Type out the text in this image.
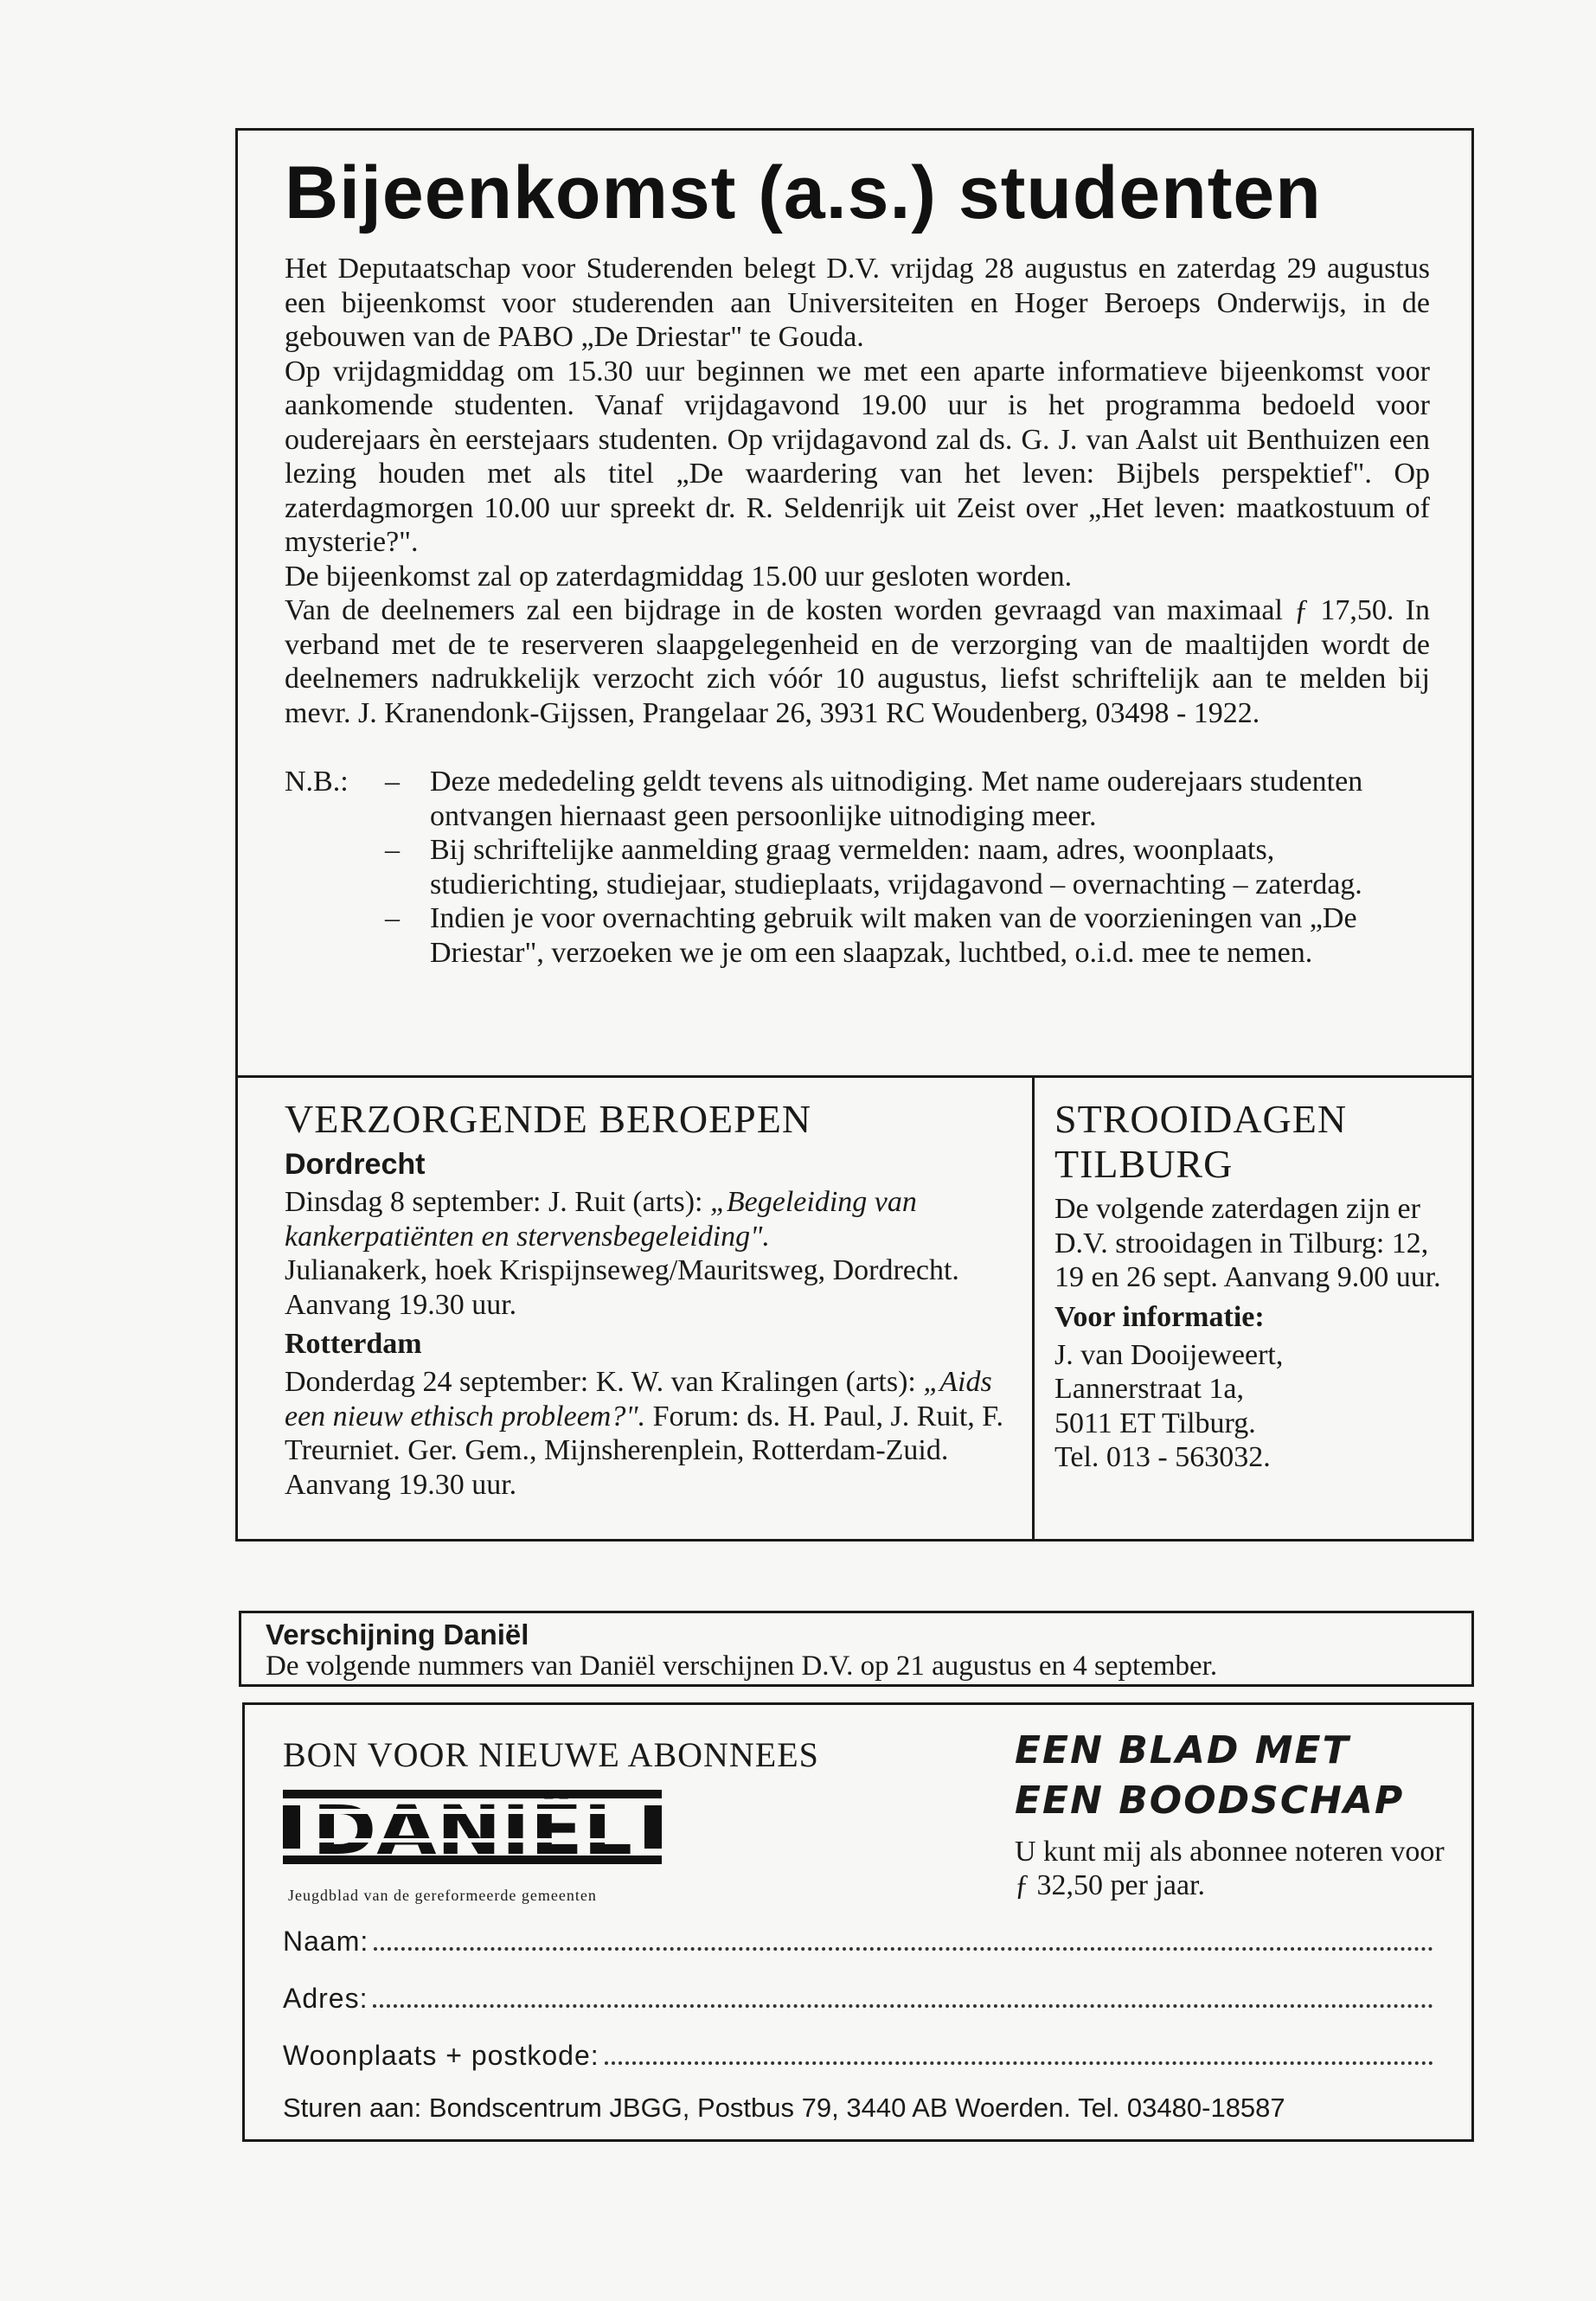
Bijeenkomst (a.s.) studenten

Het Deputaatschap voor Studerenden belegt D.V. vrijdag 28 augustus en zaterdag 29 augustus een bijeenkomst voor studerenden aan Universiteiten en Hoger Beroeps Onderwijs, in de gebouwen van de PABO „De Driestar" te Gouda.

Op vrijdagmiddag om 15.30 uur beginnen we met een aparte informatieve bijeenkomst voor aankomende studenten. Vanaf vrijdagavond 19.00 uur is het programma bedoeld voor ouderejaars èn eerstejaars studenten. Op vrijdagavond zal ds. G. J. van Aalst uit Benthuizen een lezing houden met als titel „De waardering van het leven: Bijbels perspektief". Op zaterdagmorgen 10.00 uur spreekt dr. R. Seldenrijk uit Zeist over „Het leven: maatkostuum of mysterie?".

De bijeenkomst zal op zaterdagmiddag 15.00 uur gesloten worden.

Van de deelnemers zal een bijdrage in de kosten worden gevraagd van maximaal ƒ 17,50. In verband met de te reserveren slaapgelegenheid en de verzorging van de maaltijden wordt de deelnemers nadrukkelijk verzocht zich vóór 10 augustus, liefst schriftelijk aan te melden bij mevr. J. Kranendonk-Gijssen, Prangelaar 26, 3931 RC Woudenberg, 03498 - 1922.

N.B.:	–	Deze mededeling geldt tevens als uitnodiging. Met name ouderejaars studenten ontvangen hiernaast geen persoonlijke uitnodiging meer.
–	Bij schriftelijke aanmelding graag vermelden: naam, adres, woonplaats, studierichting, studiejaar, studieplaats, vrijdagavond – overnachting – zaterdag.
–	Indien je voor overnachting gebruik wilt maken van de voorzieningen van „De Driestar", verzoeken we je om een slaapzak, luchtbed, o.i.d. mee te nemen.
VERZORGENDE BEROEPEN
Dordrecht

Dinsdag 8 september: J. Ruit (arts): „Begeleiding van kankerpatiënten en stervensbegeleiding".

Julianakerk, hoek Krispijnseweg/Mauritsweg, Dordrecht. Aanvang 19.30 uur.

Rotterdam

Donderdag 24 september: K. W. van Kralingen (arts): „Aids een nieuw ethisch probleem?". Forum: ds. H. Paul, J. Ruit, F. Treurniet. Ger. Gem., Mijnsherenplein, Rotterdam-Zuid. Aanvang 19.30 uur.

STROOIDAGEN TILBURG

De volgende zaterdagen zijn er D.V. strooidagen in Tilburg: 12, 19 en 26 sept. Aanvang 9.00 uur.

Voor informatie:
J. van Dooijeweert,
Lannerstraat 1a,
5011 ET Tilburg.
Tel. 013 - 563032.

Verschijning Daniël

De volgende nummers van Daniël verschijnen D.V. op 21 augustus en 4 september.

BON VOOR NIEUWE ABONNEES
DANIËL
Jeugdblad van de gereformeerde gemeenten
EEN BLAD MET
EEN BOODSCHAP
U kunt mij als abonnee noteren voor ƒ 32,50 per jaar.
Naam:
Adres:
Woonplaats + postkode:
Sturen aan: Bondscentrum JBGG, Postbus 79, 3440 AB Woerden. Tel. 03480-18587
